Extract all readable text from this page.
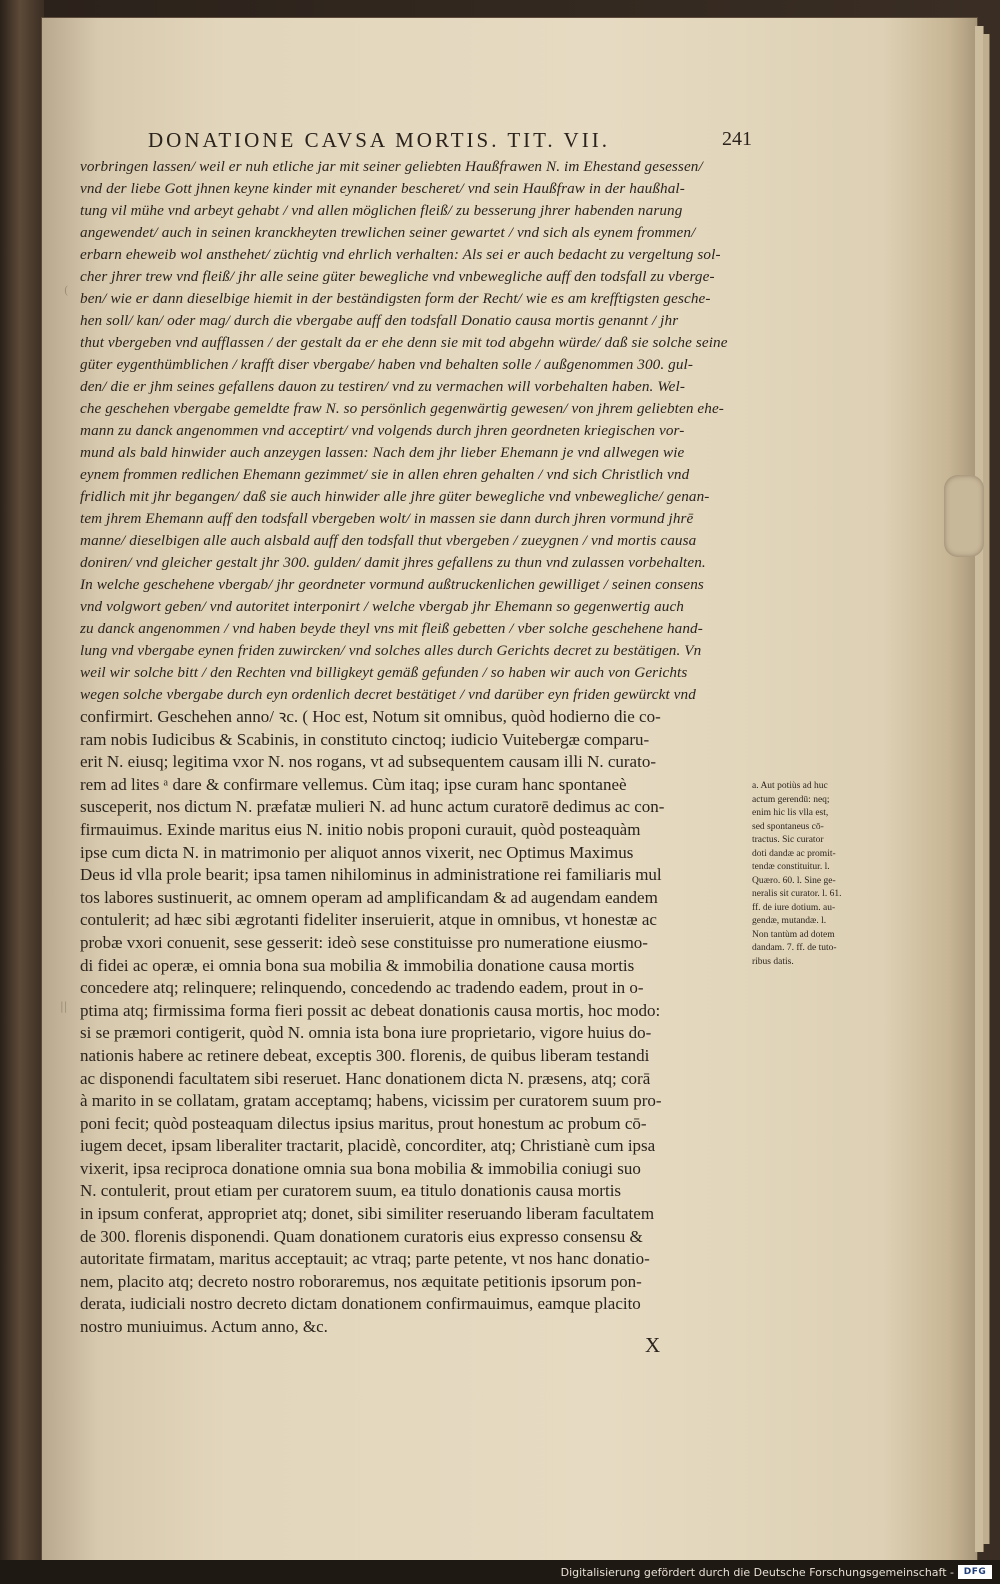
DONATIONE CAVSA MORTIS. TIT. VII.	241
vorbringen lassen/ weil er nuh etliche jar mit seiner geliebten Haußfrawen N. im Ehestand gesessen/
vnd der liebe Gott jhnen keyne kinder mit eynander bescheret/ vnd sein Haußfraw in der haußhal-
tung vil mühe vnd arbeyt gehabt / vnd allen möglichen fleiß/ zu besserung jhrer habenden narung
angewendet/ auch in seinen kranckheyten trewlichen seiner gewartet / vnd sich als eynem frommen/
erbarn eheweib wol ansthehet/ züchtig vnd ehrlich verhalten: Als sei er auch bedacht zu vergeltung sol-
cher jhrer trew vnd fleiß/ jhr alle seine güter bewegliche vnd vnbewegliche auff den todsfall zu vberge-
ben/ wie er dann dieselbige hiemit in der beständigsten form der Recht/ wie es am krefftigsten gesche-
hen soll/ kan/ oder mag/ durch die vbergabe auff den todsfall Donatio causa mortis genannt / jhr
thut vbergeben vnd aufflassen / der gestalt da er ehe denn sie mit tod abgehn würde/ daß sie solche seine
güter eygenthümblichen / krafft diser vbergabe/ haben vnd behalten solle / außgenommen 300. gul-
den/ die er jhm seines gefallens dauon zu testiren/ vnd zu vermachen will vorbehalten haben. Wel-
che geschehen vbergabe gemeldte fraw N. so persönlich gegenwärtig gewesen/ von jhrem geliebten ehe-
mann zu danck angenommen vnd acceptirt/ vnd volgends durch jhren geordneten kriegischen vor-
mund als bald hinwider auch anzeygen lassen: Nach dem jhr lieber Ehemann je vnd allwegen wie
eynem frommen redlichen Ehemann gezimmet/ sie in allen ehren gehalten / vnd sich Christlich vnd
fridlich mit jhr begangen/ daß sie auch hinwider alle jhre güter bewegliche vnd vnbewegliche/ genan-
tem jhrem Ehemann auff den todsfall vbergeben wolt/ in massen sie dann durch jhren vormund jhrē
manne/ dieselbigen alle auch alsbald auff den todsfall thut vbergeben / zueygnen / vnd mortis causa
doniren/ vnd gleicher gestalt jhr 300. gulden/ damit jhres gefallens zu thun vnd zulassen vorbehalten.
In welche geschehene vbergab/ jhr geordneter vormund außtruckenlichen gewilliget / seinen consens
vnd volgwort geben/ vnd autoritet interponirt / welche vbergab jhr Ehemann so gegenwertig auch
zu danck angenommen / vnd haben beyde theyl vns mit fleiß gebetten / vber solche geschehene hand-
lung vnd vbergabe eynen friden zuwircken/ vnd solches alles durch Gerichts decret zu bestätigen. Vn
weil wir solche bitt / den Rechten vnd billigkeyt gemäß gefunden / so haben wir auch von Gerichts
wegen solche vbergabe durch eyn ordenlich decret bestätiget / vnd darüber eyn friden gewürckt vnd
confirmirt. Geschehen anno/ ꝛc. ( Hoc est, Notum sit omnibus, quòd hodierno die co-
ram nobis Iudicibus & Scabinis, in constituto cinctoq; iudicio Vuitebergæ comparu-
erit N. eiusq; legitima vxor N. nos rogans, vt ad subsequentem causam illi N. curato-
rem ad lites ᵃ dare & confirmare vellemus. Cùm itaq; ipse curam hanc spontaneè
susceperit, nos dictum N. præfatæ mulieri N. ad hunc actum curatorē dedimus ac con-
firmauimus. Exinde maritus eius N. initio nobis proponi curauit, quòd posteaquàm
ipse cum dicta N. in matrimonio per aliquot annos vixerit, nec Optimus Maximus
Deus id vlla prole bearit; ipsa tamen nihilominus in administratione rei familiaris mul
tos labores sustinuerit, ac omnem operam ad amplificandam & ad augendam eandem
contulerit; ad hæc sibi ægrotanti fideliter inseruierit, atque in omnibus, vt honestæ ac
probæ vxori conuenit, sese gesserit: ideò sese constituisse pro numeratione eiusmo-
di fidei ac operæ, ei omnia bona sua mobilia & immobilia donatione causa mortis
concedere atq; relinquere; relinquendo, concedendo ac tradendo eadem, prout in o-
ptima atq; firmissima forma fieri possit ac debeat donationis causa mortis, hoc modo:
si se præmori contigerit, quòd N. omnia ista bona iure proprietario, vigore huius do-
nationis habere ac retinere debeat, exceptis 300. florenis, de quibus liberam testandi
ac disponendi facultatem sibi reseruet. Hanc donationem dicta N. præsens, atq; corā
à marito in se collatam, gratam acceptamq; habens, vicissim per curatorem suum pro-
poni fecit; quòd posteaquam dilectus ipsius maritus, prout honestum ac probum cō-
iugem decet, ipsam liberaliter tractarit, placidè, concorditer, atq; Christianè cum ipsa
vixerit, ipsa reciproca donatione omnia sua bona mobilia & immobilia coniugi suo
N. contulerit, prout etiam per curatorem suum, ea titulo donationis causa mortis
in ipsum conferat, appropriet atq; donet, sibi similiter reseruando liberam facultatem
de 300. florenis disponendi. Quam donationem curatoris eius expresso consensu &
autoritate firmatam, maritus acceptauit; ac vtraq; parte petente, vt nos hanc donatio-
nem, placito atq; decreto nostro roboraremus, nos æquitate petitionis ipsorum pon-
derata, iudiciali nostro decreto dictam donationem confirmauimus, eamque placito
nostro muniuimus. Actum anno, &c.
a. Aut potiùs ad huc
actum gerendū: neq;
enim hic lis vlla est,
sed spontaneus cō-
tractus. Sic curator
doti dandæ ac promit-
tendæ constituitur. l.
Quæro. 60. l. Sine ge-
neralis sit curator. l. 61.
ff. de iure dotium. au-
gendæ, mutandæ. l.
Non tantùm ad dotem
dandam. 7. ff. de tuto-
ribus datis.
X
(
||
Digitalisierung gefördert durch die Deutsche Forschungsgemeinschaft -	DFG
